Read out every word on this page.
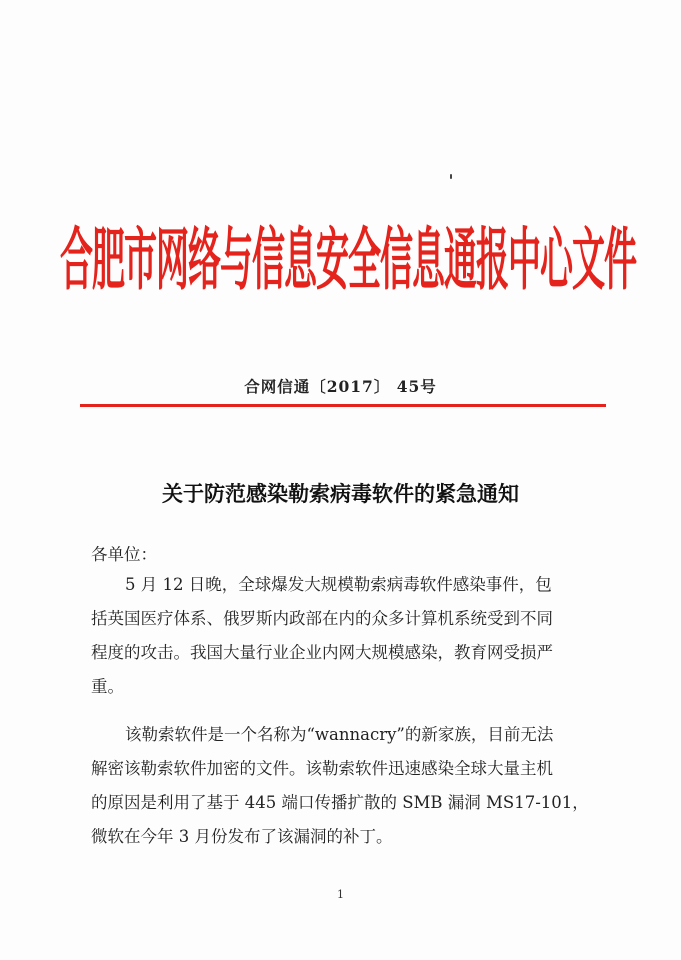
合肥市网络与信息安全信息通报中心文件
合网信通〔2017〕 45号
关于防范感染勒索病毒软件的紧急通知
各单位：
5 月 12 日晚，全球爆发大规模勒索病毒软件感染事件，包
括英国医疗体系、俄罗斯内政部在内的众多计算机系统受到不同
程度的攻击。我国大量行业企业内网大规模感染，教育网受损严
重。
该勒索软件是一个名称为“wannacry”的新家族，目前无法
解密该勒索软件加密的文件。该勒索软件迅速感染全球大量主机
的原因是利用了基于 445 端口传播扩散的 SMB 漏洞 MS17-101，
微软在今年 3 月份发布了该漏洞的补丁。
1
